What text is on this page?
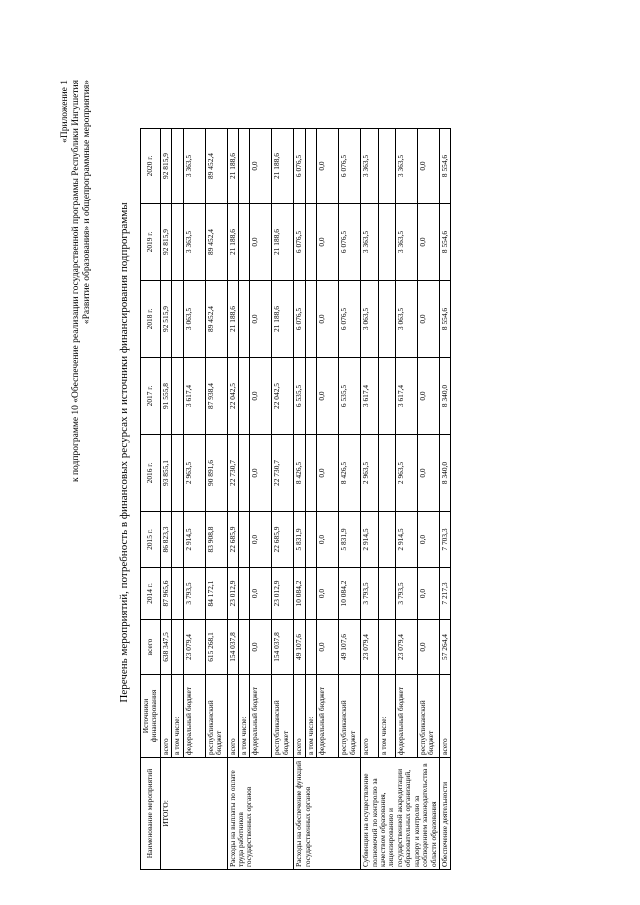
«Приложение 1 к подпрограмме 10 «Обеспечение реализации государственной программы Республики Ингушетия «Развитие образования» и общепрограммные мероприятия»
Перечень мероприятий, потребность в финансовых ресурсах и источники финансирования подпрограммы
Наименование мероприятий	Источники финансирования	всего	2014 г.	2015 г.	2016 г.	2017 г.	2018 г.	2019 г.	2020 г.
ИТОГО:	всего	638 347,5	87 965,6	86 823,3	93 855,1	91 555,8	92 515,9	92 815,9	92 815,9
	в том числе:								
	федеральный бюджет	23 079,4	3 793,5	2 914,5	2 963,5	3 617,4	3 063,5	3 363,5	3 363,5
	республиканский бюджет	615 268,1	84 172,1	83 908,8	90 891,6	87 938,4	89 452,4	89 452,4	89 452,4
Расходы на выплаты по оплате труда работников государственных органов	всего	154 037,8	23 012,9	22 685,9	22 730,7	22 042,5	21 188,6	21 188,6	21 188,6
	в том числе:								
	федеральный бюджет	0,0	0,0	0,0	0,0	0,0	0,0	0,0	0,0
	республиканский бюджет	154 037,8	23 012,9	22 685,9	22 730,7	22 042,5	21 188,6	21 188,6	21 188,6
Расходы на обеспечение функций государственных органов	всего	49 107,6	10 084,2	5 831,9	8 426,5	6 535,5	6 076,5	6 076,5	6 076,5
	в том числе:								
	федеральный бюджет	0,0	0,0	0,0	0,0	0,0	0,0	0,0	0,0
	республиканский бюджет	49 107,6	10 084,2	5 831,9	8 426,5	6 535,5	6 076,5	6 076,5	6 076,5
Субвенции на осуществление полномочий по контролю за качеством образования, лицензированию и государственной аккредитации образовательных организаций, надзору и контролю за соблюдением законодательства в области образования	всего	23 079,4	3 793,5	2 914,5	2 963,5	3 617,4	3 063,5	3 363,5	3 363,5
	в том числе:								
	федеральный бюджет	23 079,4	3 793,5	2 914,5	2 963,5	3 617,4	3 063,5	3 363,5	3 363,5
	республиканский бюджет	0,0	0,0	0,0	0,0	0,0	0,0	0,0	0,0
Обеспечение деятельности	всего	57 264,4	7 217,3	7 703,3	8 340,0	8 340,0	8 554,6	8 554,6	8 554,6
